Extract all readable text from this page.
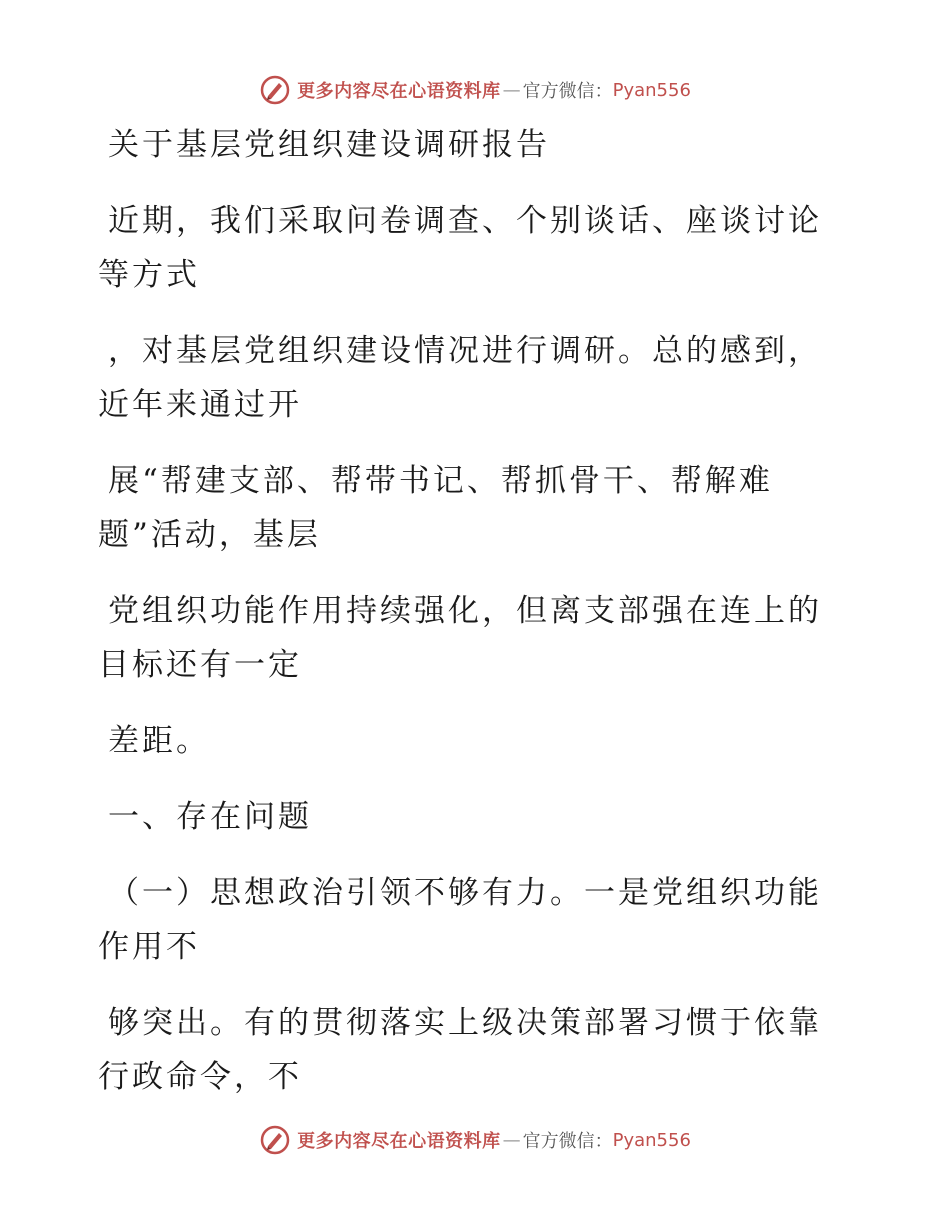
更多内容尽在心语资料库 — 官方微信： Pyan556

关于基层党组织建设调研报告

近期，我们采取问卷调查、个别谈话、座谈讨论等方式

，对基层党组织建设情况进行调研。总的感到，近年来通过开

展“帮建支部、帮带书记、帮抓骨干、帮解难题”活动，基层

党组织功能作用持续强化，但离支部强在连上的目标还有一定

差距。

一、存在问题

（一）思想政治引领不够有力。一是党组织功能作用不

够突出。有的贯彻落实上级决策部署习惯于依靠行政命令，不

更多内容尽在心语资料库 — 官方微信： Pyan556
